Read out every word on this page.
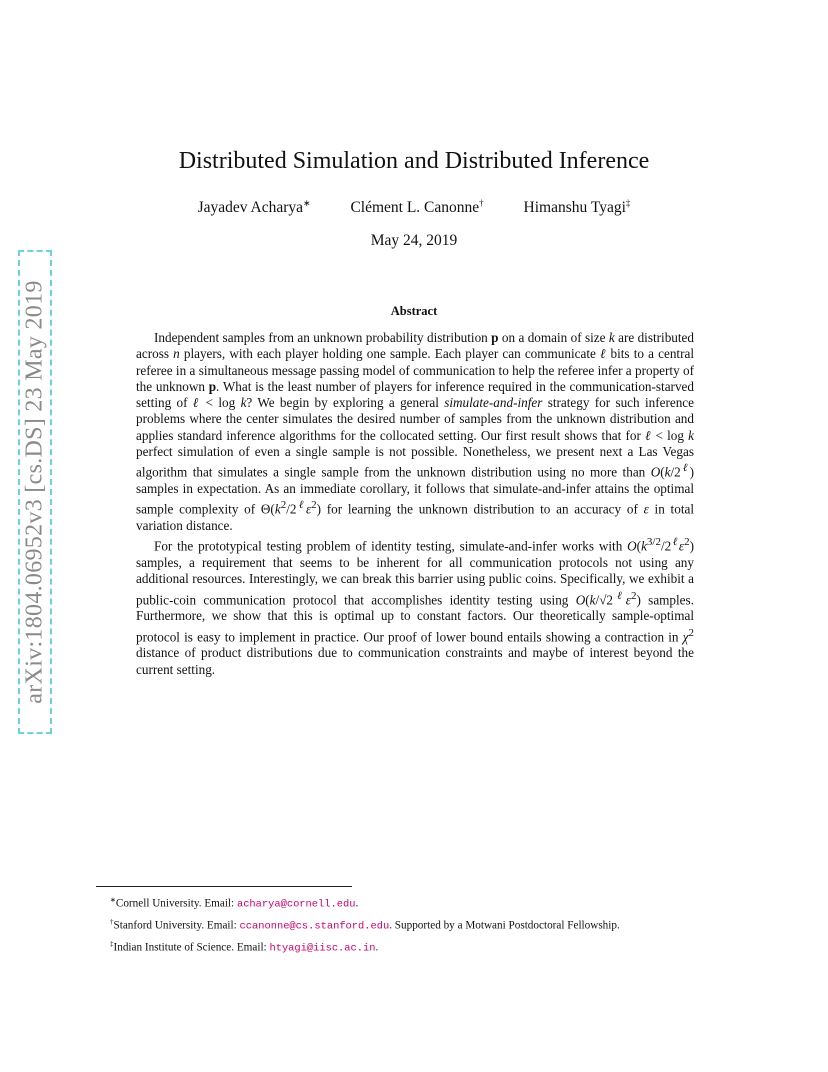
arXiv:1804.06952v3 [cs.DS] 23 May 2019
Distributed Simulation and Distributed Inference
Jayadev Acharya∗	Clément L. Canonne†	Himanshu Tyagi‡
May 24, 2019
Abstract

Independent samples from an unknown probability distribution p on a domain of size k are distributed across n players, with each player holding one sample. Each player can communicate ℓ bits to a central referee in a simultaneous message passing model of communication to help the referee infer a property of the unknown p. What is the least number of players for inference required in the communication-starved setting of ℓ < log k? We begin by exploring a general simulate-and-infer strategy for such inference problems where the center simulates the desired number of samples from the unknown distribution and applies standard inference algorithms for the collocated setting. Our first result shows that for ℓ < log k perfect simulation of even a single sample is not possible. Nonetheless, we present next a Las Vegas algorithm that simulates a single sample from the unknown distribution using no more than $O(k/2^\ell)$ samples in expectation. As an immediate corollary, it follows that simulate-and-infer attains the optimal sample complexity of $\Theta(k^2/2^\ell\varepsilon^2)$ for learning the unknown distribution to an accuracy of ε in total variation distance.

For the prototypical testing problem of identity testing, simulate-and-infer works with $O(k^{3/2}/2^\ell\varepsilon^2)$ samples, a requirement that seems to be inherent for all communication protocols not using any additional resources. Interestingly, we can break this barrier using public coins. Specifically, we exhibit a public-coin communication protocol that accomplishes identity testing using $O(k/√2^\ell\varepsilon^2)$ samples. Furthermore, we show that this is optimal up to constant factors. Our theoretically sample-optimal protocol is easy to implement in practice. Our proof of lower bound entails showing a contraction in $\chi^2$ distance of product distributions due to communication constraints and maybe of interest beyond the current setting.

∗Cornell University. Email: acharya@cornell.edu.
†Stanford University. Email: ccanonne@cs.stanford.edu. Supported by a Motwani Postdoctoral Fellowship.
‡Indian Institute of Science. Email: htyagi@iisc.ac.in.
